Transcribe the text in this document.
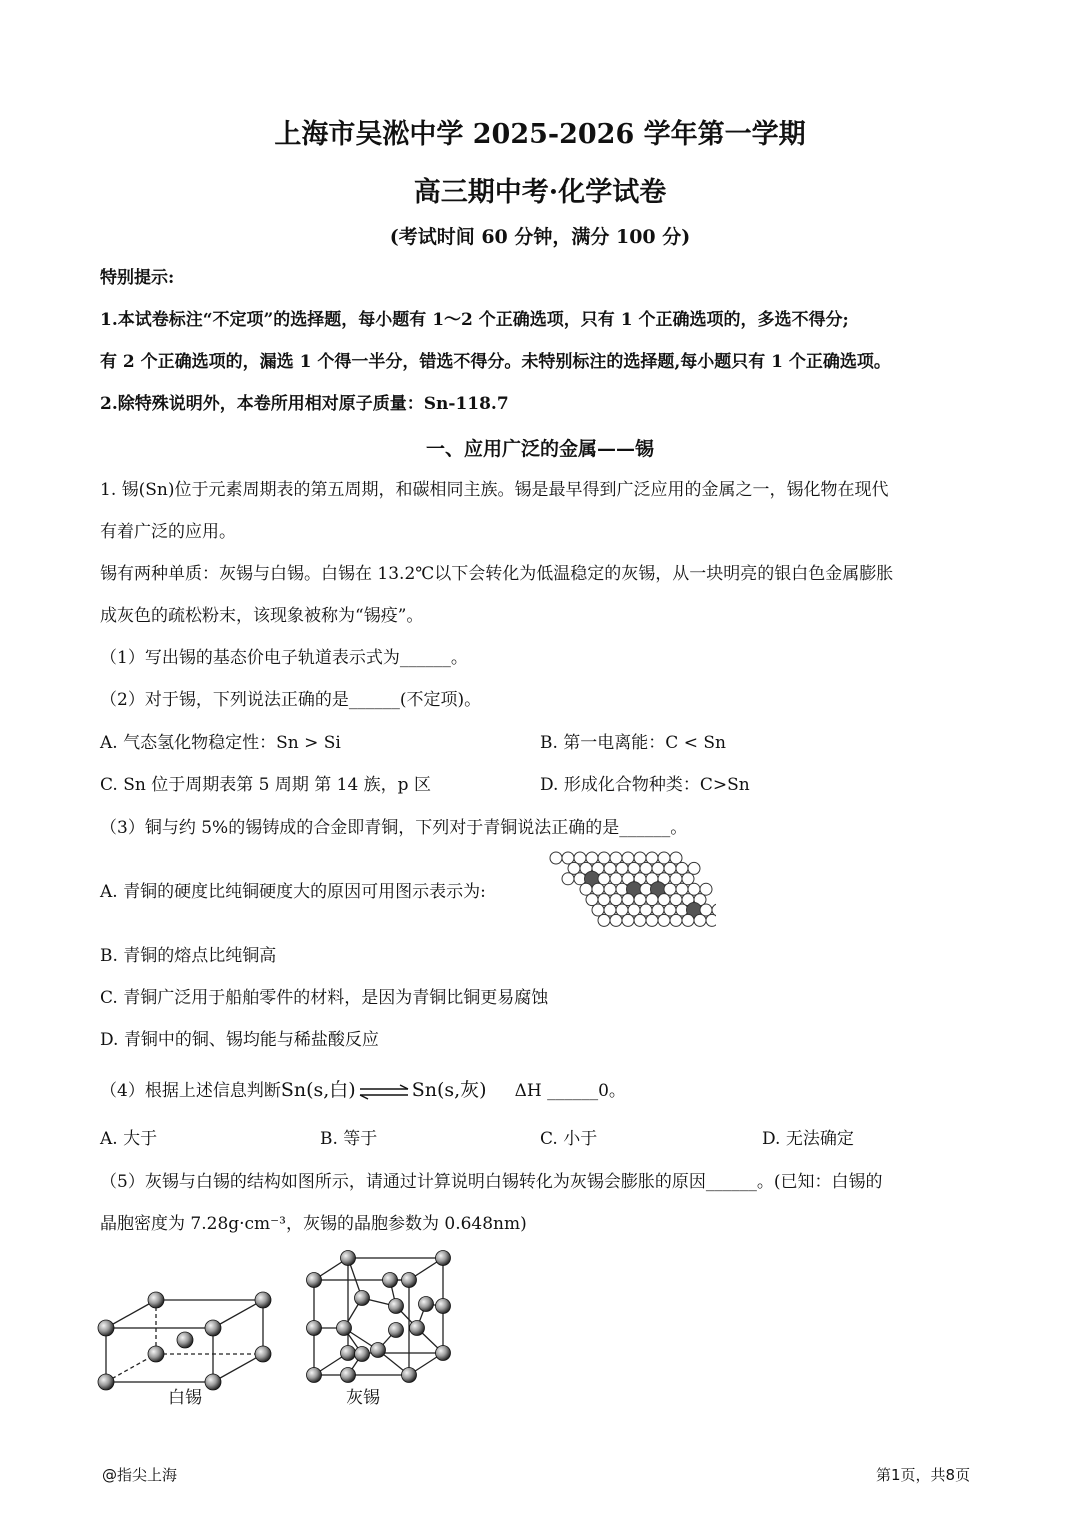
上海市吴淞中学 2025-2026 学年第一学期
高三期中考·化学试卷
(考试时间 60 分钟，满分 100 分)
特别提示:
1.本试卷标注“不定项”的选择题，每小题有 1～2 个正确选项，只有 1 个正确选项的，多选不得分;
有 2 个正确选项的，漏选 1 个得一半分，错选不得分。未特别标注的选择题,每小题只有 1 个正确选项。
2.除特殊说明外，本卷所用相对原子质量：Sn-118.7
一、应用广泛的金属——锡
1. 锡(Sn)位于元素周期表的第五周期，和碳相同主族。锡是最早得到广泛应用的金属之一，锡化物在现代
有着广泛的应用。
锡有两种单质：灰锡与白锡。白锡在 13.2℃以下会转化为低温稳定的灰锡，从一块明亮的银白色金属膨胀
成灰色的疏松粉末，该现象被称为“锡疫”。
（1）写出锡的基态价电子轨道表示式为______。
（2）对于锡，下列说法正确的是______(不定项)。
A. 气态氢化物稳定性：Sn > Si	B. 第一电离能：C < Sn
C. Sn 位于周期表第 5 周期 第 14 族，p 区	D. 形成化合物种类：C>Sn
（3）铜与约 5%的锡铸成的合金即青铜，下列对于青铜说法正确的是______。
A. 青铜的硬度比纯铜硬度大的原因可用图示表示为:
B. 青铜的熔点比纯铜高
C. 青铜广泛用于船舶零件的材料，是因为青铜比铜更易腐蚀
D. 青铜中的铜、锡均能与稀盐酸反应
（4）根据上述信息判断Sn(s,白)⇌Sn(s,灰) ΔH ______0。
A. 大于	B. 等于	C. 小于	D. 无法确定
（5）灰锡与白锡的结构如图所示，请通过计算说明白锡转化为灰锡会膨胀的原因______。(已知：白锡的
晶胞密度为 7.28g·cm⁻³，灰锡的晶胞参数为 0.648nm)
白锡	灰锡
@指尖上海	第1页，共8页
